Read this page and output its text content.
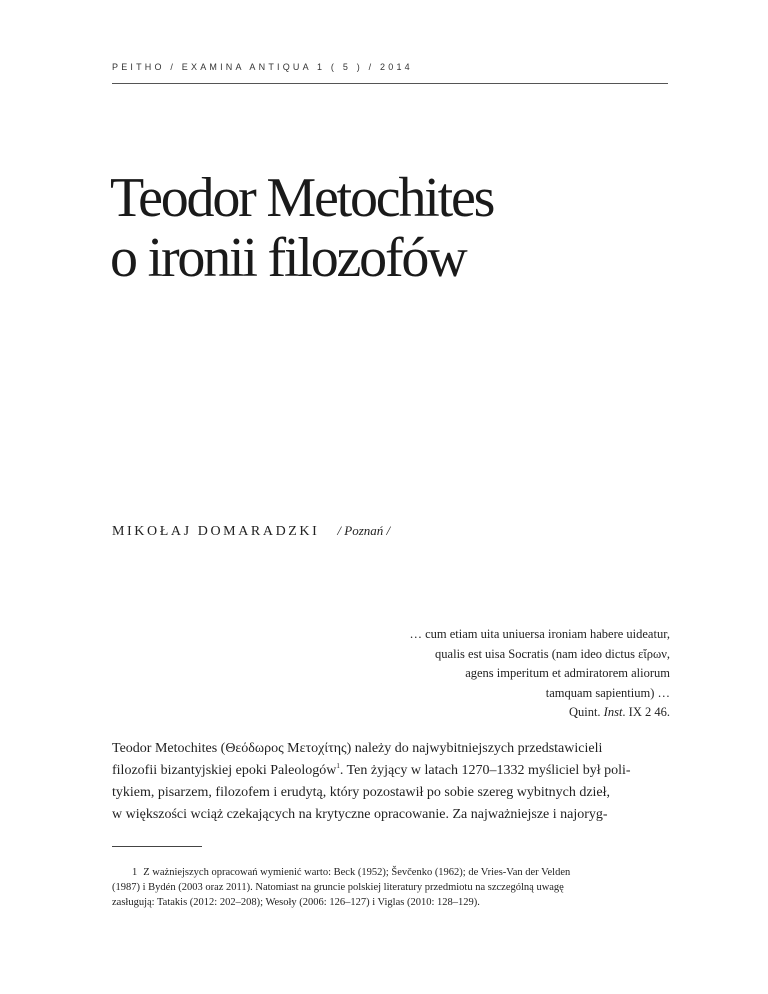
PEITHO / EXAMINA ANTIQUA 1 ( 5 ) / 2014
Teodor Metochites
o ironii filozofów
MIKOŁAJ DOMARADZKI / Poznań /
… cum etiam uita uniuersa ironiam habere uideatur,
qualis est uisa Socratis (nam ideo dictus εἴρων,
agens imperitum et admiratorem aliorum
tamquam sapientium) …
Quint. Inst. IX 2 46.
Teodor Metochites (Θεόδωρος Μετοχίτης) należy do najwybitniejszych przedstawicieli
filozofii bizantyjskiej epoki Paleologów$^1$. Ten żyjący w latach 1270–1332 myśliciel był poli-
tykiem, pisarzem, filozofem i erudytą, który pozostawił po sobie szereg wybitnych dzieł,
w większości wciąż czekających na krytyczne opracowanie. Za najważniejsze i najoryg-
1 Z ważniejszych opracowań wymienić warto: Beck (1952); Ševčenko (1962); de Vries-Van der Velden
(1987) i Bydén (2003 oraz 2011). Natomiast na gruncie polskiej literatury przedmiotu na szczególną uwagę
zasługują: Tatakis (2012: 202–208); Wesoły (2006: 126–127) i Viglas (2010: 128–129).
